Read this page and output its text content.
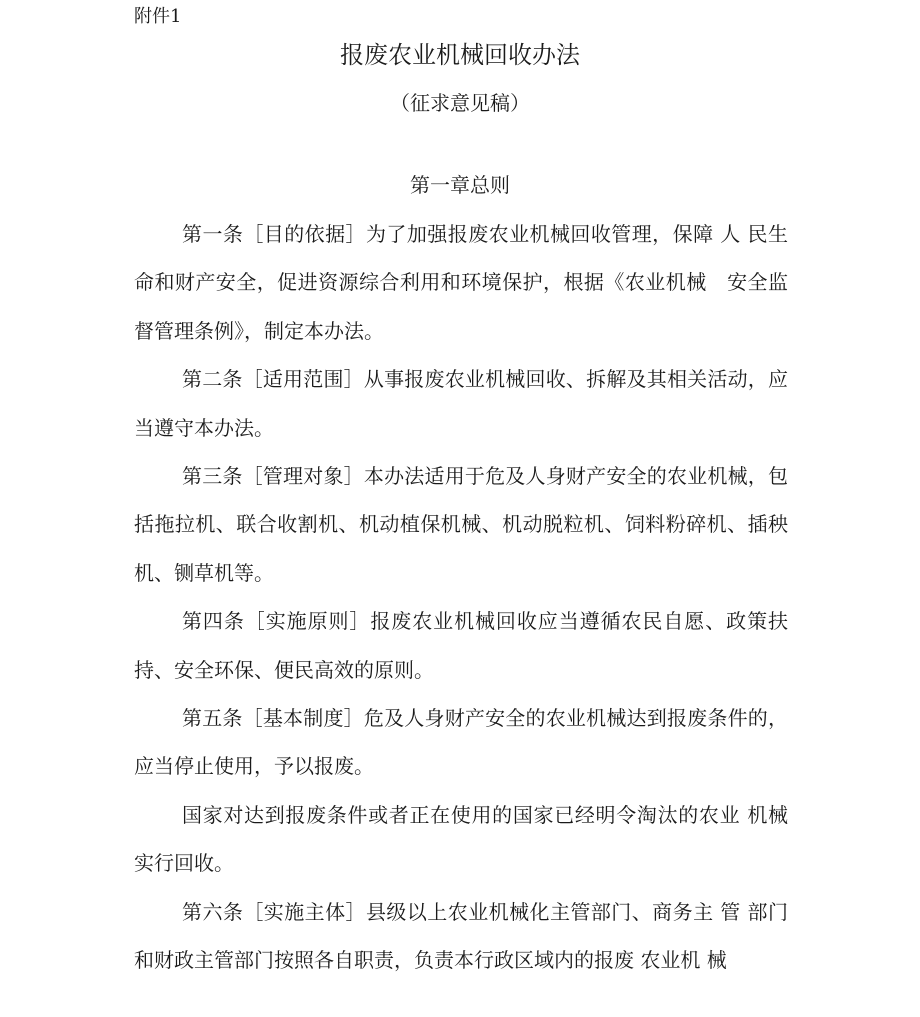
附件1
报废农业机械回收办法
（征求意见稿）
第一章总则

第一条［目的依据］为了加强报废农业机械回收管理，保障 人 民生命和财产安全，促进资源综合利用和环境保护，根据《农业机械　安全监督管理条例》，制定本办法。

第二条［适用范围］从事报废农业机械回收、拆解及其相关活动，应当遵守本办法。

第三条［管理对象］本办法适用于危及人身财产安全的农业机械，包括拖拉机、联合收割机、机动植保机械、机动脱粒机、饲料粉碎机、插秧机、铡草机等。

第四条［实施原则］报废农业机械回收应当遵循农民自愿、政策扶持、安全环保、便民高效的原则。

第五条［基本制度］危及人身财产安全的农业机械达到报废条件的，应当停止使用，予以报废。

国家对达到报废条件或者正在使用的国家已经明令淘汰的农业 机械实行回收。

第六条［实施主体］县级以上农业机械化主管部门、商务主 管 部门和财政主管部门按照各自职责，负责本行政区域内的报废 农业机 械
